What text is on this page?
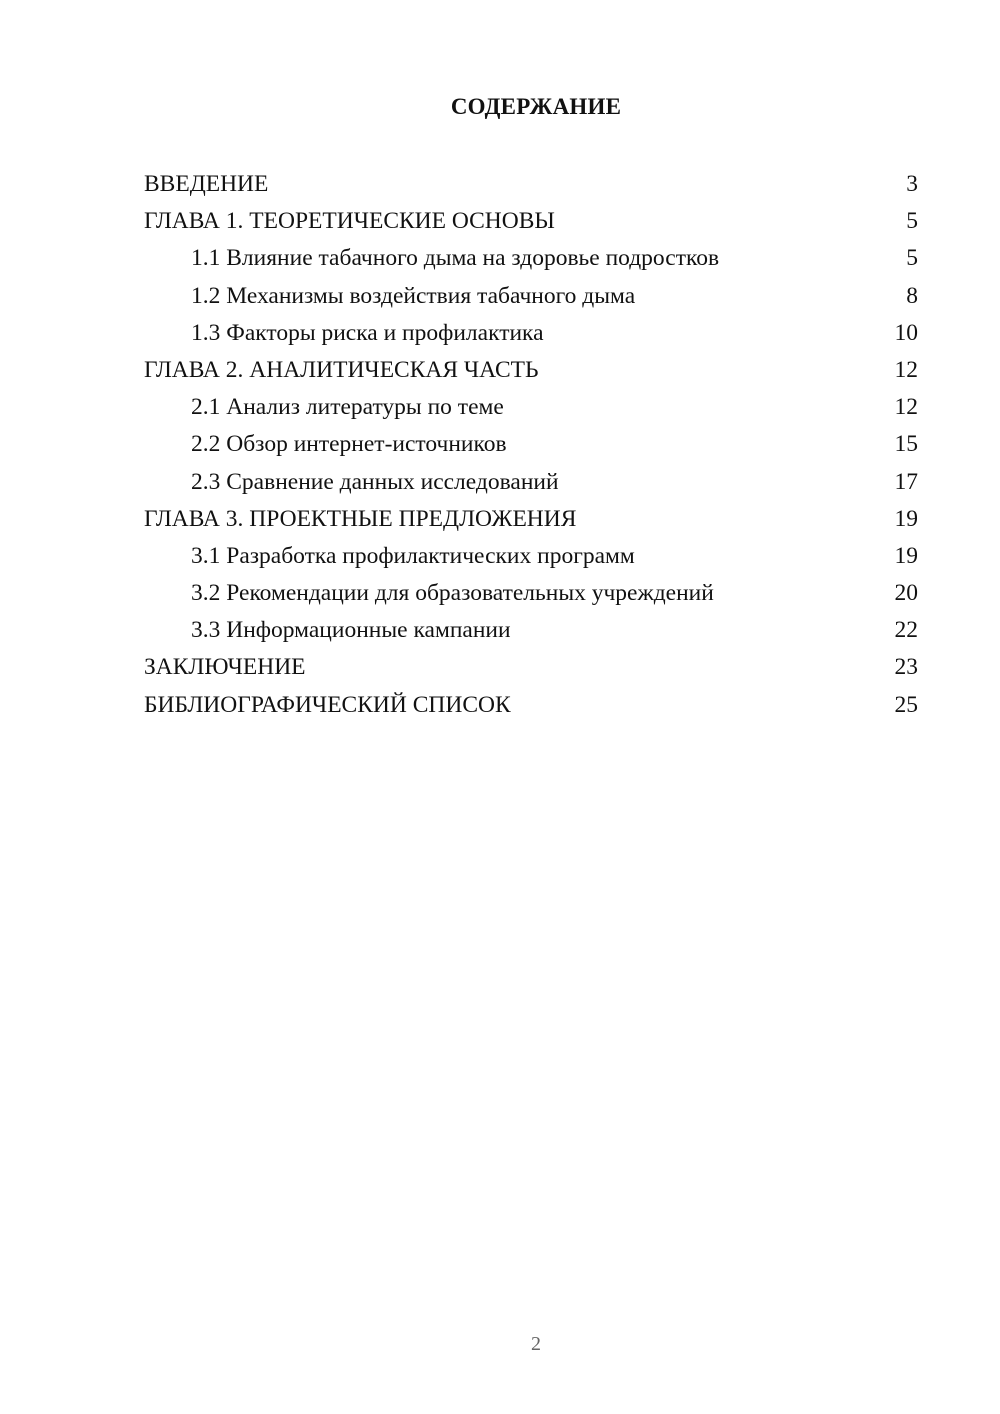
СОДЕРЖАНИЕ
ВВЕДЕНИЕ	3
ГЛАВА 1. ТЕОРЕТИЧЕСКИЕ ОСНОВЫ	5
1.1 Влияние табачного дыма на здоровье подростков	5
1.2 Механизмы воздействия табачного дыма	8
1.3 Факторы риска и профилактика	10
ГЛАВА 2. АНАЛИТИЧЕСКАЯ ЧАСТЬ	12
2.1 Анализ литературы по теме	12
2.2 Обзор интернет-источников	15
2.3 Сравнение данных исследований	17
ГЛАВА 3. ПРОЕКТНЫЕ ПРЕДЛОЖЕНИЯ	19
3.1 Разработка профилактических программ	19
3.2 Рекомендации для образовательных учреждений	20
3.3 Информационные кампании	22
ЗАКЛЮЧЕНИЕ	23
БИБЛИОГРАФИЧЕСКИЙ СПИСОК	25
2
